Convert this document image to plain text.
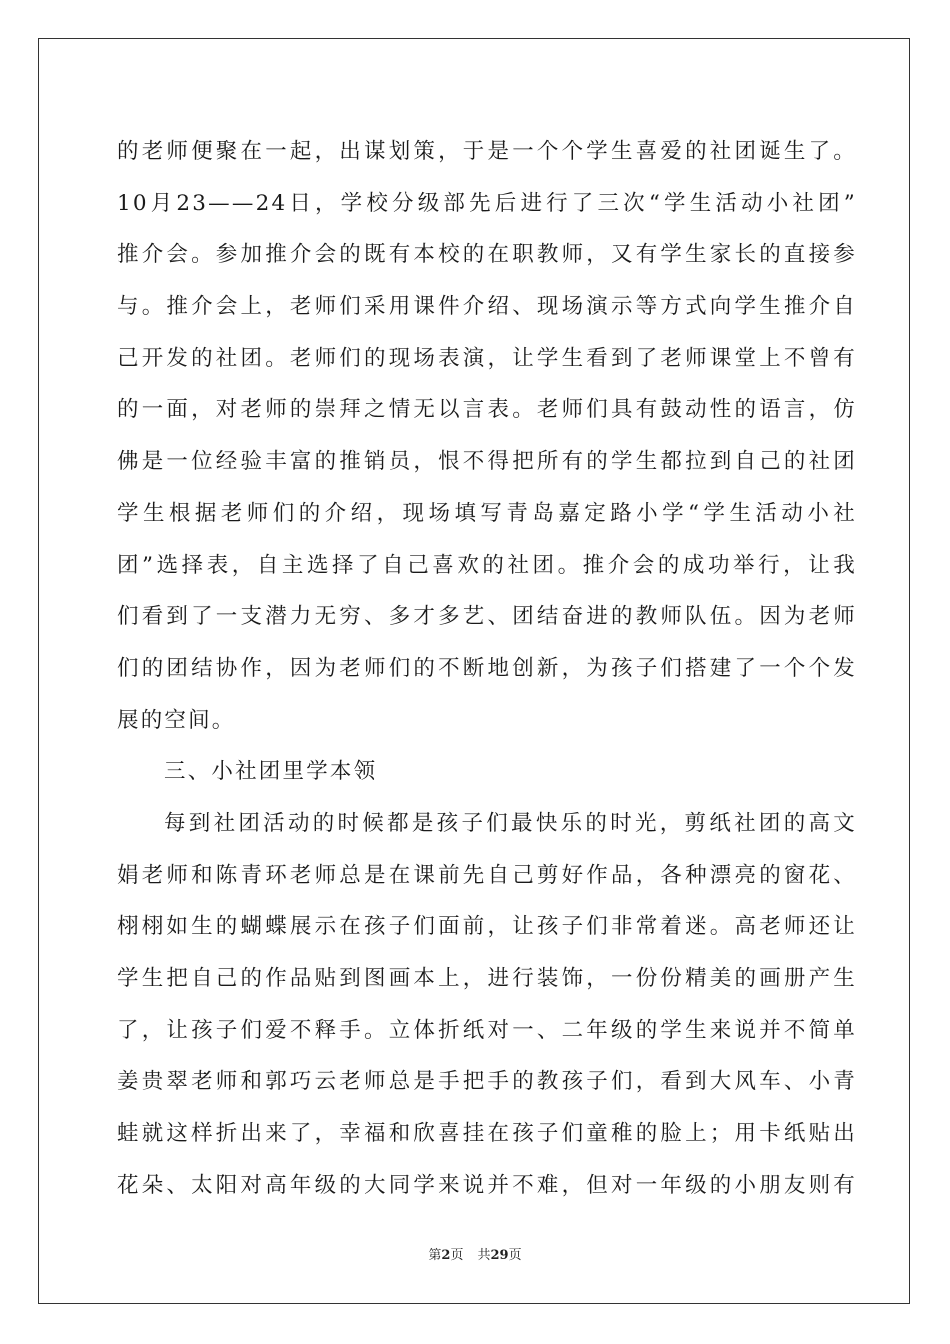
的老师便聚在一起，出谋划策，于是一个个学生喜爱的社团诞生了。
10月23——24日，学校分级部先后进行了三次“学生活动小社团”
推介会。参加推介会的既有本校的在职教师，又有学生家长的直接参
与。推介会上，老师们采用课件介绍、现场演示等方式向学生推介自
己开发的社团。老师们的现场表演，让学生看到了老师课堂上不曾有
的一面，对老师的崇拜之情无以言表。老师们具有鼓动性的语言，仿
佛是一位经验丰富的推销员，恨不得把所有的学生都拉到自己的社团
学生根据老师们的介绍，现场填写青岛嘉定路小学“学生活动小社
团”选择表，自主选择了自己喜欢的社团。推介会的成功举行，让我
们看到了一支潜力无穷、多才多艺、团结奋进的教师队伍。因为老师
们的团结协作，因为老师们的不断地创新，为孩子们搭建了一个个发
展的空间。
三、小社团里学本领
每到社团活动的时候都是孩子们最快乐的时光，剪纸社团的高文
娟老师和陈青环老师总是在课前先自己剪好作品，各种漂亮的窗花、
栩栩如生的蝴蝶展示在孩子们面前，让孩子们非常着迷。高老师还让
学生把自己的作品贴到图画本上，进行装饰，一份份精美的画册产生
了，让孩子们爱不释手。立体折纸对一、二年级的学生来说并不简单
姜贵翠老师和郭巧云老师总是手把手的教孩子们，看到大风车、小青
蛙就这样折出来了，幸福和欣喜挂在孩子们童稚的脸上；用卡纸贴出
花朵、太阳对高年级的大同学来说并不难，但对一年级的小朋友则有
第2页 共29页
